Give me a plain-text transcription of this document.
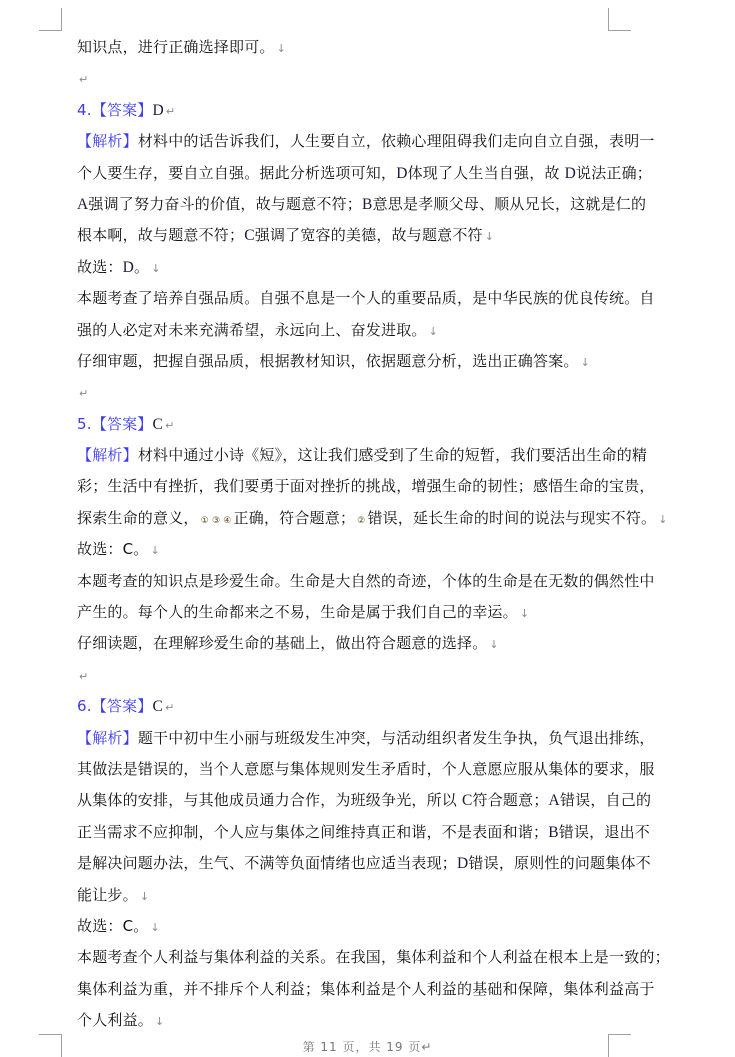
知识点，进行正确选择即可。 ↓
↵
4.【答案】D ↵
【解析】材料中的话告诉我们，人生要自立，依赖心理阻碍我们走向自立自强，表明一
个人要生存，要自立自强。据此分析选项可知，D体现了人生当自强，故 D说法正确；
A强调了努力奋斗的价值，故与题意不符；B意思是孝顺父母、顺从兄长，这就是仁的
根本啊，故与题意不符；C强调了宽容的美德，故与题意不符 ↓
故选：D。 ↓
本题考查了培养自强品质。自强不息是一个人的重要品质，是中华民族的优良传统。自
强的人必定对未来充满希望，永远向上、奋发进取。 ↓
仔细审题，把握自强品质，根据教材知识，依据题意分析，选出正确答案。 ↓
↵
5.【答案】C ↵
【解析】材料中通过小诗《短》，这让我们感受到了生命的短暂，我们要活出生命的精
彩；生活中有挫折，我们要勇于面对挫折的挑战，增强生命的韧性；感悟生命的宝贵，
探索生命的意义， ① ③ ④ 正确，符合题意； ② 错误，延长生命的时间的说法与现实不符。 ↓
故选：C。 ↓
本题考查的知识点是珍爱生命。生命是大自然的奇迹，个体的生命是在无数的偶然性中
产生的。每个人的生命都来之不易，生命是属于我们自己的幸运。 ↓
仔细读题，在理解珍爱生命的基础上，做出符合题意的选择。 ↓
↵
6.【答案】C ↵
【解析】题干中初中生小丽与班级发生冲突，与活动组织者发生争执，负气退出排练，
其做法是错误的，当个人意愿与集体规则发生矛盾时，个人意愿应服从集体的要求，服
从集体的安排，与其他成员通力合作，为班级争光，所以 C符合题意；A错误，自己的
正当需求不应抑制，个人应与集体之间维持真正和谐，不是表面和谐；B错误，退出不
是解决问题办法，生气、不满等负面情绪也应适当表现；D错误，原则性的问题集体不
能让步。 ↓
故选：C。 ↓
本题考查个人利益与集体利益的关系。在我国，集体利益和个人利益在根本上是一致的；
集体利益为重，并不排斥个人利益；集体利益是个人利益的基础和保障，集体利益高于
个人利益。 ↓
第 11 页，共 19 页↵
